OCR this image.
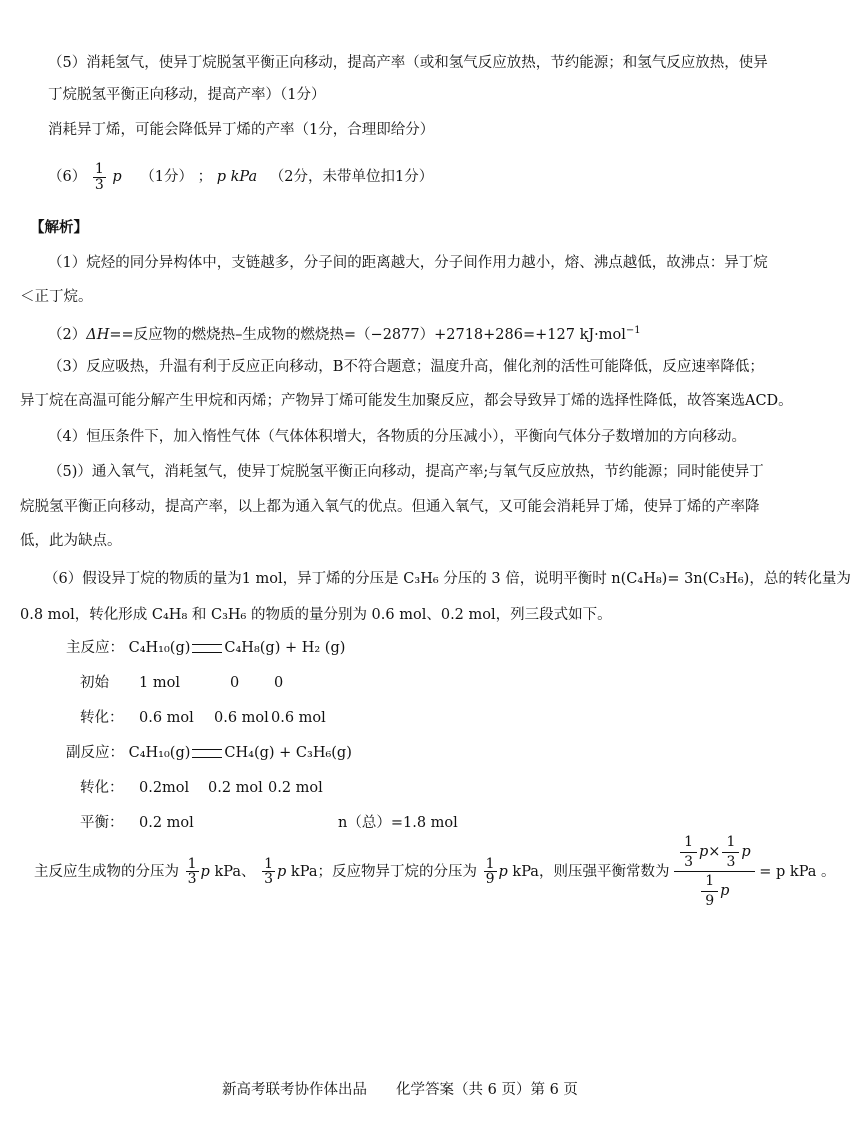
（5）消耗氢气，使异丁烷脱氢平衡正向移动，提高产率（或和氢气反应放热，节约能源；和氢气反应放热，使异
丁烷脱氢平衡正向移动，提高产率）（1分）
消耗异丁烯，可能会降低异丁烯的产率（1分，合理即给分）
$(6) \frac{1}{3}$ p （1分） ； p kPa （2分，未带单位扣1分）
【解析】
（1）烷烃的同分异构体中，支链越多，分子间的距离越大，分子间作用力越小，熔、沸点越低，故沸点：异丁烷
＜正丁烷。
（2）ΔH==反应物的燃烧热–生成物的燃烧热=（−2877）+2718+286=+127 kJ·mol$^{-1}$
（3）反应吸热，升温有利于反应正向移动，B不符合题意；温度升高，催化剂的活性可能降低，反应速率降低；
异丁烷在高温可能分解产生甲烷和丙烯；产物异丁烯可能发生加聚反应，都会导致异丁烯的选择性降低，故答案选ACD。
（4）恒压条件下，加入惰性气体（气体体积增大，各物质的分压减小），平衡向气体分子数增加的方向移动。
（5)）通入氧气，消耗氢气，使异丁烷脱氢平衡正向移动，提高产率;与氧气反应放热，节约能源；同时能使异丁
烷脱氢平衡正向移动，提高产率，以上都为通入氧气的优点。但通入氧气，又可能会消耗异丁烯，使异丁烯的产率降
低，此为缺点。
（6）假设异丁烷的物质的量为1 mol，异丁烯的分压是 C₃H₆ 分压的 3 倍，说明平衡时 n(C₄H₈)= 3n(C₃H₆)，总的转化量为
0.8 mol，转化形成 C₄H₈ 和 C₃H₆ 的物质的量分别为 0.6 mol、0.2 mol，列三段式如下。
主反应： C₄H₁₀(g) C₄H₈(g) + H₂ (g)
初始 1 mol	0 0
转化： 0.6 mol 0.6 mol 0.6 mol
副反应： C₄H₁₀(g) CH₄(g) + C₃H₆(g)
转化： 0.2mol 0.2 mol 0.2 mol
平衡： 0.2 mol	n（总）=1.8 mol
主反应生成物的分压为 $\frac{1}{3}$ p kPa、 $\frac{1}{3}$ p kPa；反应物异丁烷的分压为 $\frac{1}{9}$ p kPa，则压强平衡常数为 $\frac{\frac{1}{3} p\times \frac{1}{3} p}{\frac{1}{9} p} = p$ kPa 。
新高考联考协作体出品　　化学答案（共 6 页）第 6 页
